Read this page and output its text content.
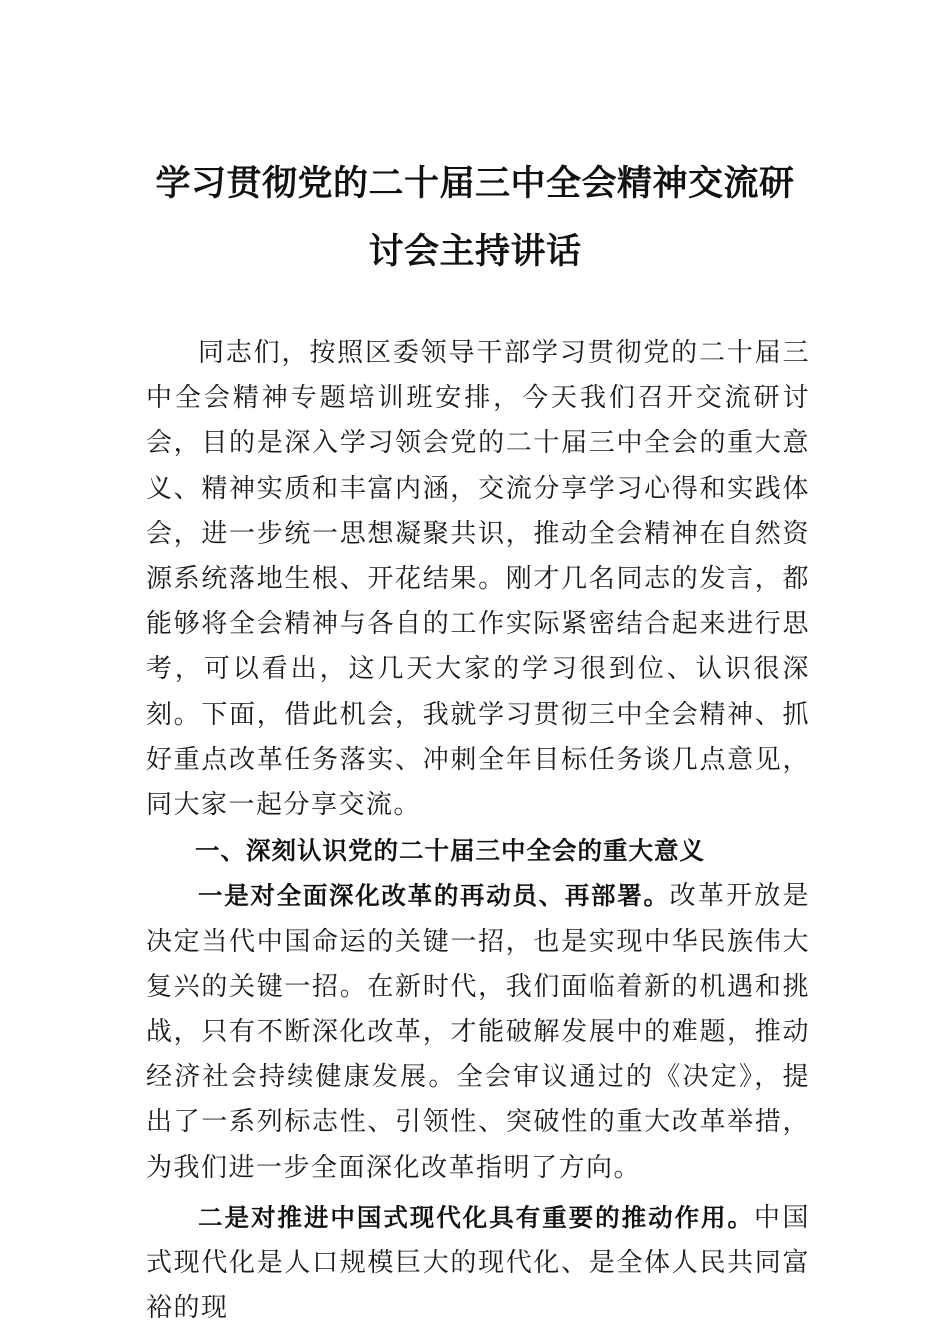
学习贯彻党的二十届三中全会精神交流研
讨会主持讲话

同志们，按照区委领导干部学习贯彻党的二十届三中全会精神专题培训班安排，今天我们召开交流研讨会，目的是深入学习领会党的二十届三中全会的重大意义、精神实质和丰富内涵，交流分享学习心得和实践体会，进一步统一思想凝聚共识，推动全会精神在自然资源系统落地生根、开花结果。刚才几名同志的发言，都能够将全会精神与各自的工作实际紧密结合起来进行思考，可以看出，这几天大家的学习很到位、认识很深刻。下面，借此机会，我就学习贯彻三中全会精神、抓好重点改革任务落实、冲刺全年目标任务谈几点意见，同大家一起分享交流。

一、深刻认识党的二十届三中全会的重大意义

一是对全面深化改革的再动员、再部署。改革开放是决定当代中国命运的关键一招，也是实现中华民族伟大复兴的关键一招。在新时代，我们面临着新的机遇和挑战，只有不断深化改革，才能破解发展中的难题，推动经济社会持续健康发展。全会审议通过的《决定》，提出了一系列标志性、引领性、突破性的重大改革举措，为我们进一步全面深化改革指明了方向。

二是对推进中国式现代化具有重要的推动作用。中国式现代化是人口规模巨大的现代化、是全体人民共同富裕的现
